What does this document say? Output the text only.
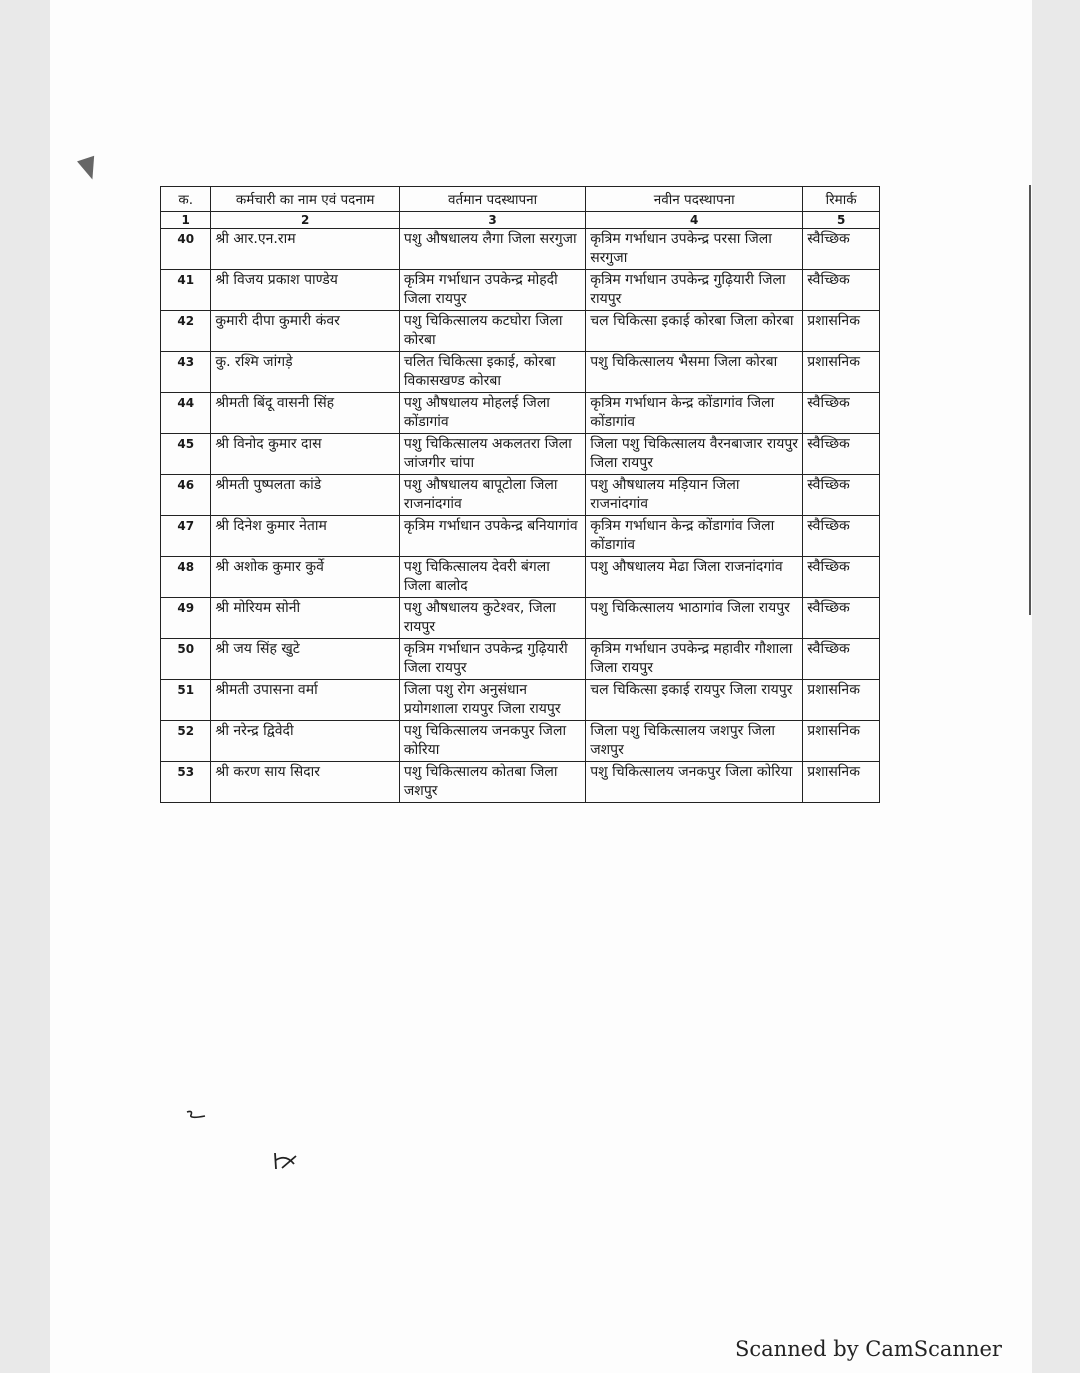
क.	कर्मचारी का नाम एवं पदनाम	वर्तमान पदस्थापना	नवीन पदस्थापना	रिमार्क
1	2	3	4	5
40	श्री आर.एन.राम	पशु औषधालय लैगा जिला सरगुजा	कृत्रिम गर्भाधान उपकेन्द्र परसा जिला सरगुजा	स्वैच्छिक
41	श्री विजय प्रकाश पाण्डेय	कृत्रिम गर्भाधान उपकेन्द्र मोहदी जिला रायपुर	कृत्रिम गर्भाधान उपकेन्द्र गुढ़ियारी जिला रायपुर	स्वैच्छिक
42	कुमारी दीपा कुमारी कंवर	पशु चिकित्सालय कटघोरा जिला कोरबा	चल चिकित्सा इकाई कोरबा जिला कोरबा	प्रशासनिक
43	कु. रश्मि जांगड़े	चलित चिकित्सा इकाई, कोरबा विकासखण्ड कोरबा	पशु चिकित्सालय भैसमा जिला कोरबा	प्रशासनिक
44	श्रीमती बिंदू वासनी सिंह	पशु औषधालय मोहलई जिला कोंडागांव	कृत्रिम गर्भाधान केन्द्र कोंडागांव जिला कोंडागांव	स्वैच्छिक
45	श्री विनोद कुमार दास	पशु चिकित्सालय अकलतरा जिला जांजगीर चांपा	जिला पशु चिकित्सालय वैरनबाजार रायपुर जिला रायपुर	स्वैच्छिक
46	श्रीमती पुष्पलता कांडे	पशु औषधालय बापूटोला जिला राजनांदगांव	पशु औषधालय मड़ियान जिला राजनांदगांव	स्वैच्छिक
47	श्री दिनेश कुमार नेताम	कृत्रिम गर्भाधान उपकेन्द्र बनियागांव	कृत्रिम गर्भाधान केन्द्र कोंडागांव जिला कोंडागांव	स्वैच्छिक
48	श्री अशोक कुमार कुर्वे	पशु चिकित्सालय देवरी बंगला जिला बालोद	पशु औषधालय मेढा जिला राजनांदगांव	स्वैच्छिक
49	श्री मोरियम सोनी	पशु औषधालय कुटेश्वर, जिला रायपुर	पशु चिकित्सालय भाठागांव जिला रायपुर	स्वैच्छिक
50	श्री जय सिंह खुटे	कृत्रिम गर्भाधान उपकेन्द्र गुढ़ियारी जिला रायपुर	कृत्रिम गर्भाधान उपकेन्द्र महावीर गौशाला जिला रायपुर	स्वैच्छिक
51	श्रीमती उपासना वर्मा	जिला पशु रोग अनुसंधान प्रयोगशाला रायपुर जिला रायपुर	चल चिकित्सा इकाई रायपुर जिला रायपुर	प्रशासनिक
52	श्री नरेन्द्र द्विवेदी	पशु चिकित्सालय जनकपुर जिला कोरिया	जिला पशु चिकित्सालय जशपुर जिला जशपुर	प्रशासनिक
53	श्री करण साय सिदार	पशु चिकित्सालय कोतबा जिला जशपुर	पशु चिकित्सालय जनकपुर जिला कोरिया	प्रशासनिक
Scanned by CamScanner
